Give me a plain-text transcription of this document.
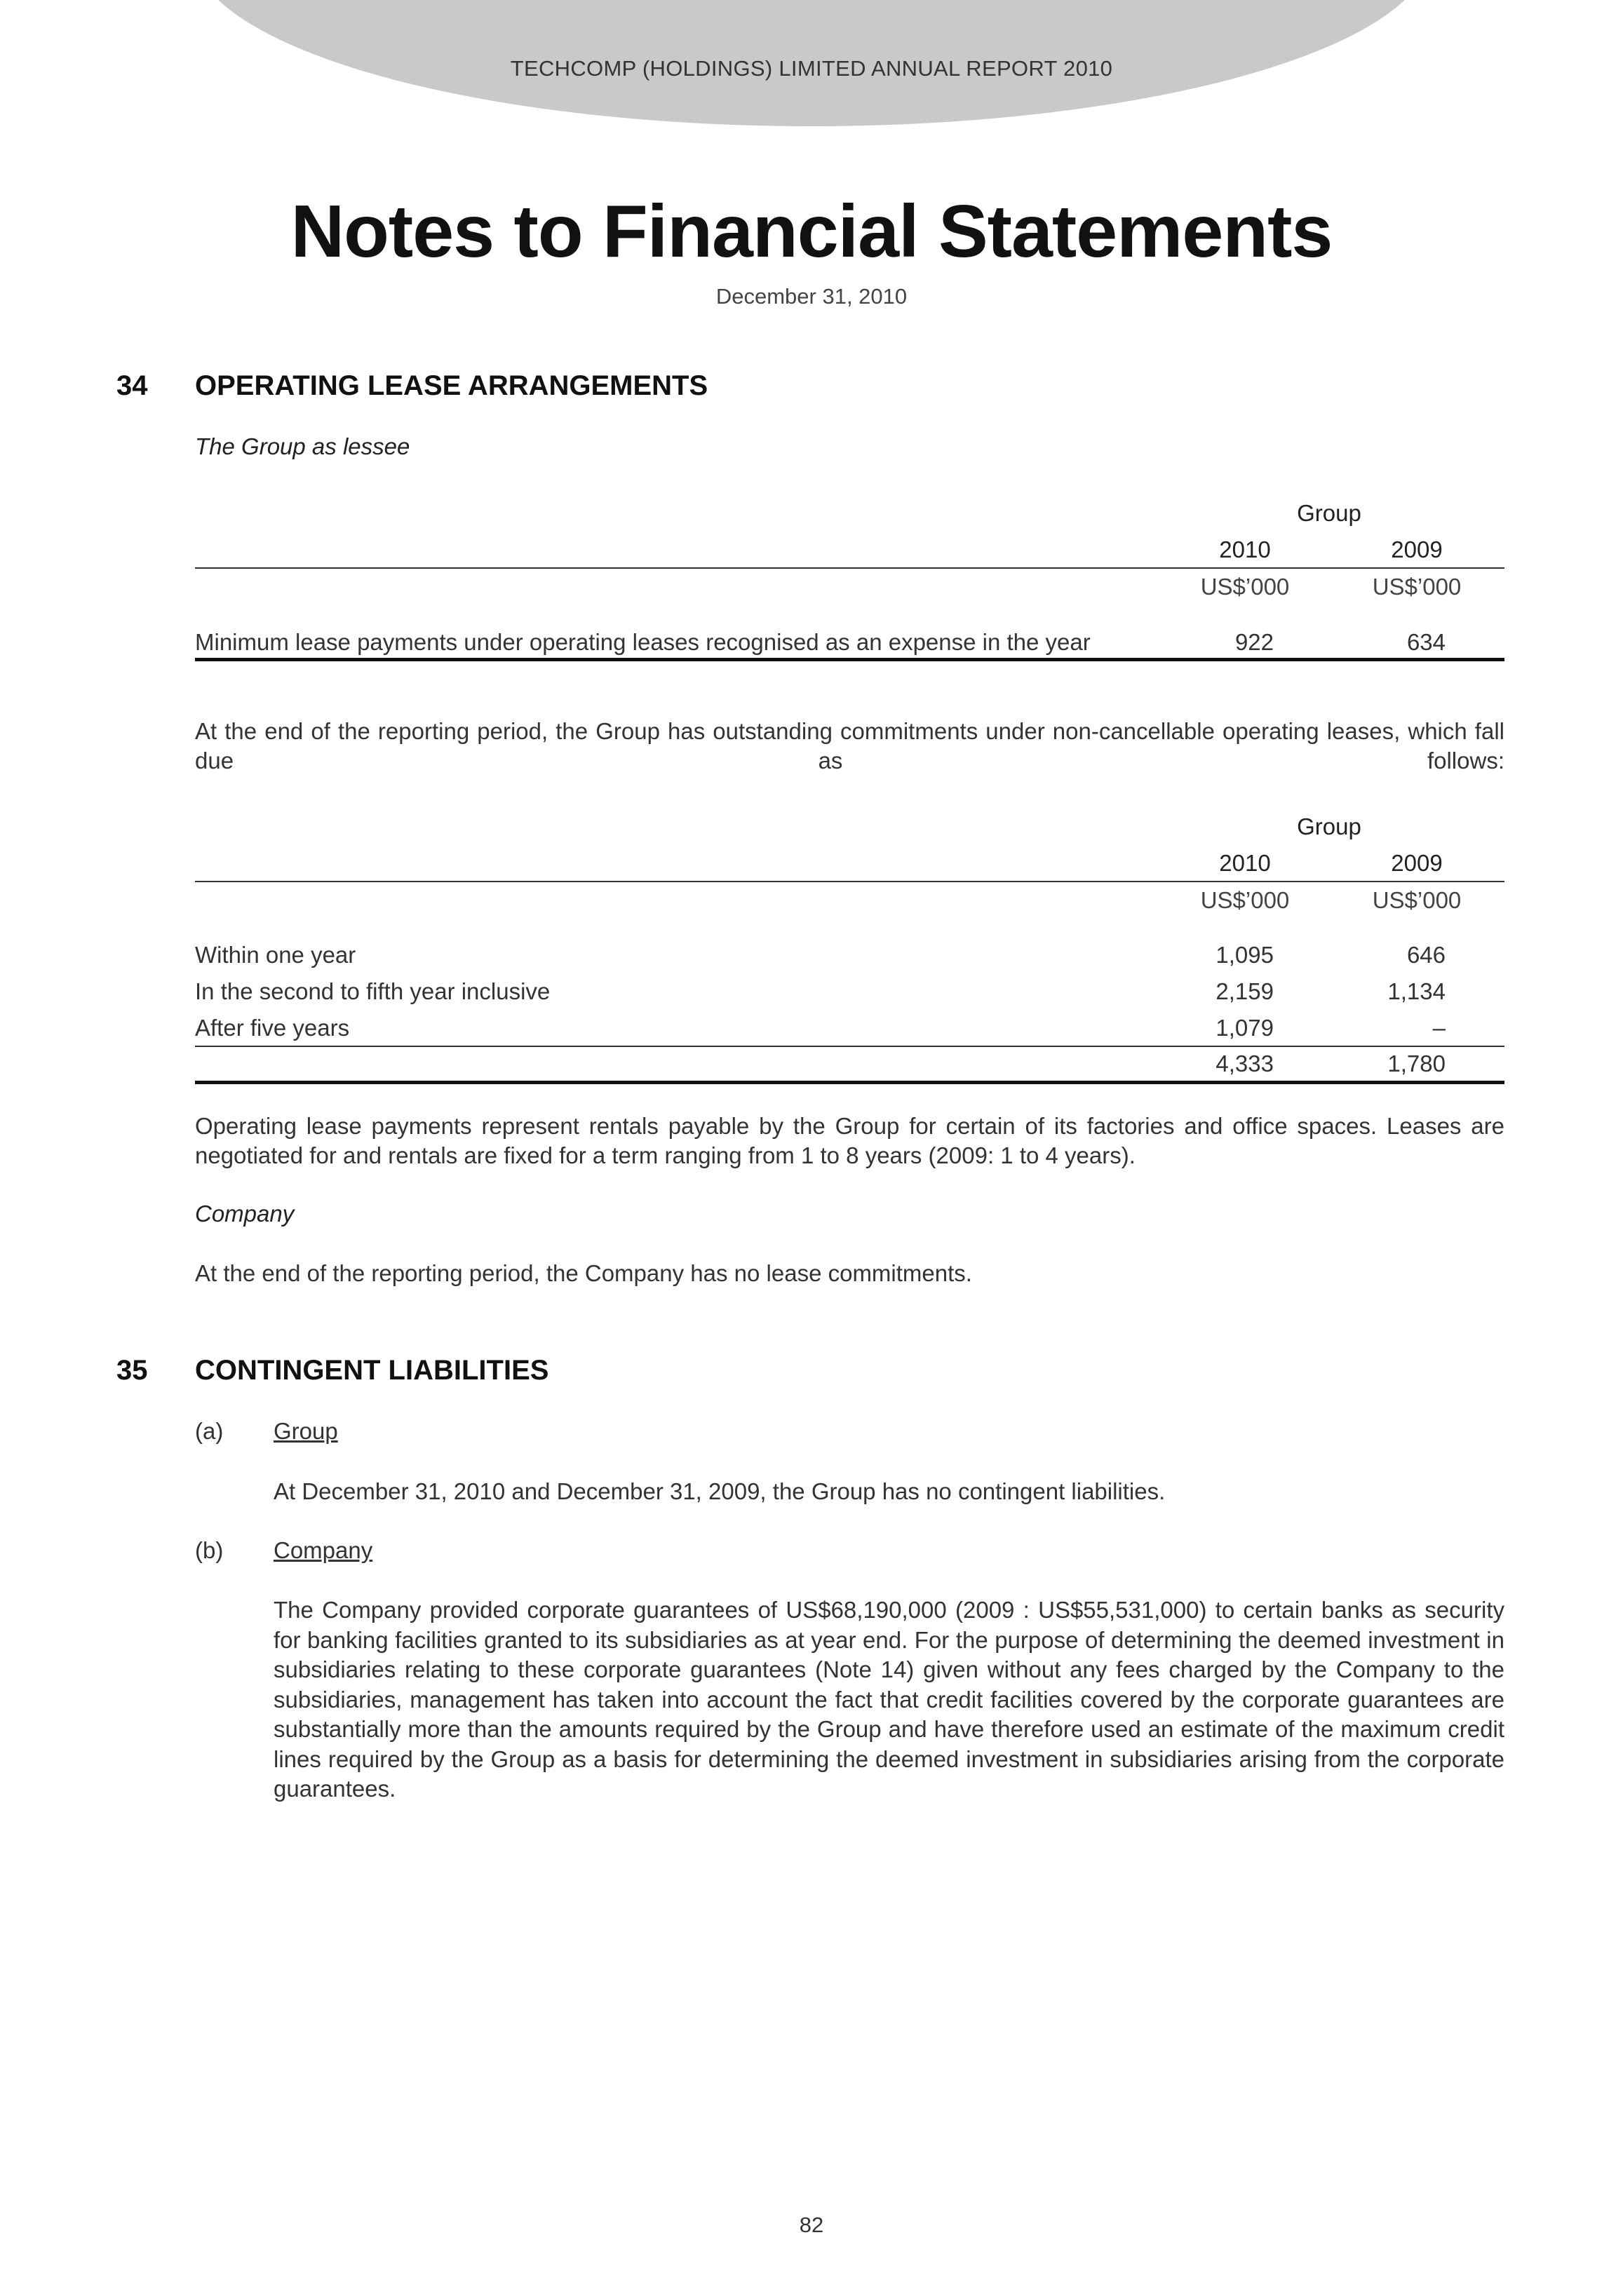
TECHCOMP (HOLDINGS) LIMITED ANNUAL REPORT 2010
Notes to Financial Statements
December 31, 2010
34 OPERATING LEASE ARRANGEMENTS
The Group as lessee
Group
2010	2009
US$’000	US$’000
Minimum lease payments under operating leases recognised as an expense in the year	922	634
At the end of the reporting period, the Group has outstanding commitments under non-cancellable operating leases, which fall due as follows:
Group
2010	2009
US$’000	US$’000
Within one year	1,095	646
In the second to fifth year inclusive	2,159	1,134
After five years	1,079	–
4,333	1,780
Operating lease payments represent rentals payable by the Group for certain of its factories and office spaces. Leases are negotiated for and rentals are fixed for a term ranging from 1 to 8 years (2009: 1 to 4 years).
Company
At the end of the reporting period, the Company has no lease commitments.
35 CONTINGENT LIABILITIES
(a) Group
At December 31, 2010 and December 31, 2009, the Group has no contingent liabilities.
(b) Company
The Company provided corporate guarantees of US$68,190,000 (2009 : US$55,531,000) to certain banks as security for banking facilities granted to its subsidiaries as at year end. For the purpose of determining the deemed investment in subsidiaries relating to these corporate guarantees (Note 14) given without any fees charged by the Company to the subsidiaries, management has taken into account the fact that credit facilities covered by the corporate guarantees are substantially more than the amounts required by the Group and have therefore used an estimate of the maximum credit lines required by the Group as a basis for determining the deemed investment in subsidiaries arising from the corporate guarantees.
82
